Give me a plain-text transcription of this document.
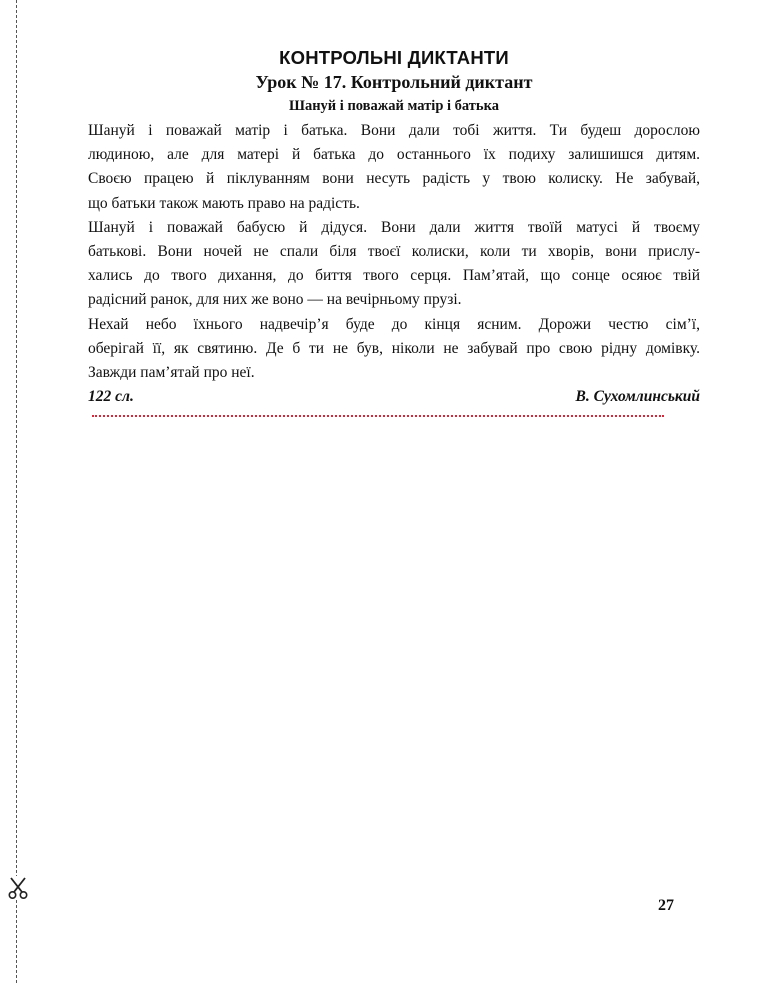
КОНТРОЛЬНІ ДИКТАНТИ
Урок № 17. Контрольний диктант
Шануй і поважай матір і батька
Шануй і поважай матір і батька. Вони дали тобі життя. Ти будеш дорослою
людиною, але для матері й батька до останнього їх подиху залишишся дитям.
Своєю працею й піклуванням вони несуть радість у твою колиску. Не забувай,
що батьки також мають право на радість.
Шануй і поважай бабусю й дідуся. Вони дали життя твоїй матусі й твоєму
батькові. Вони ночей не спали біля твоєї колиски, коли ти хворів, вони прислу-
хались до твого дихання, до биття твого серця. Пам’ятай, що сонце осяює твій
радісний ранок, для них же воно — на вечірньому прузі.
Нехай небо їхнього надвечір’я буде до кінця ясним. Дорожи честю сім’ї,
оберігай її, як святиню. Де б ти не був, ніколи не забувай про свою рідну домівку.
Завжди пам’ятай про неї.
122 сл.	В. Сухомлинський
27
